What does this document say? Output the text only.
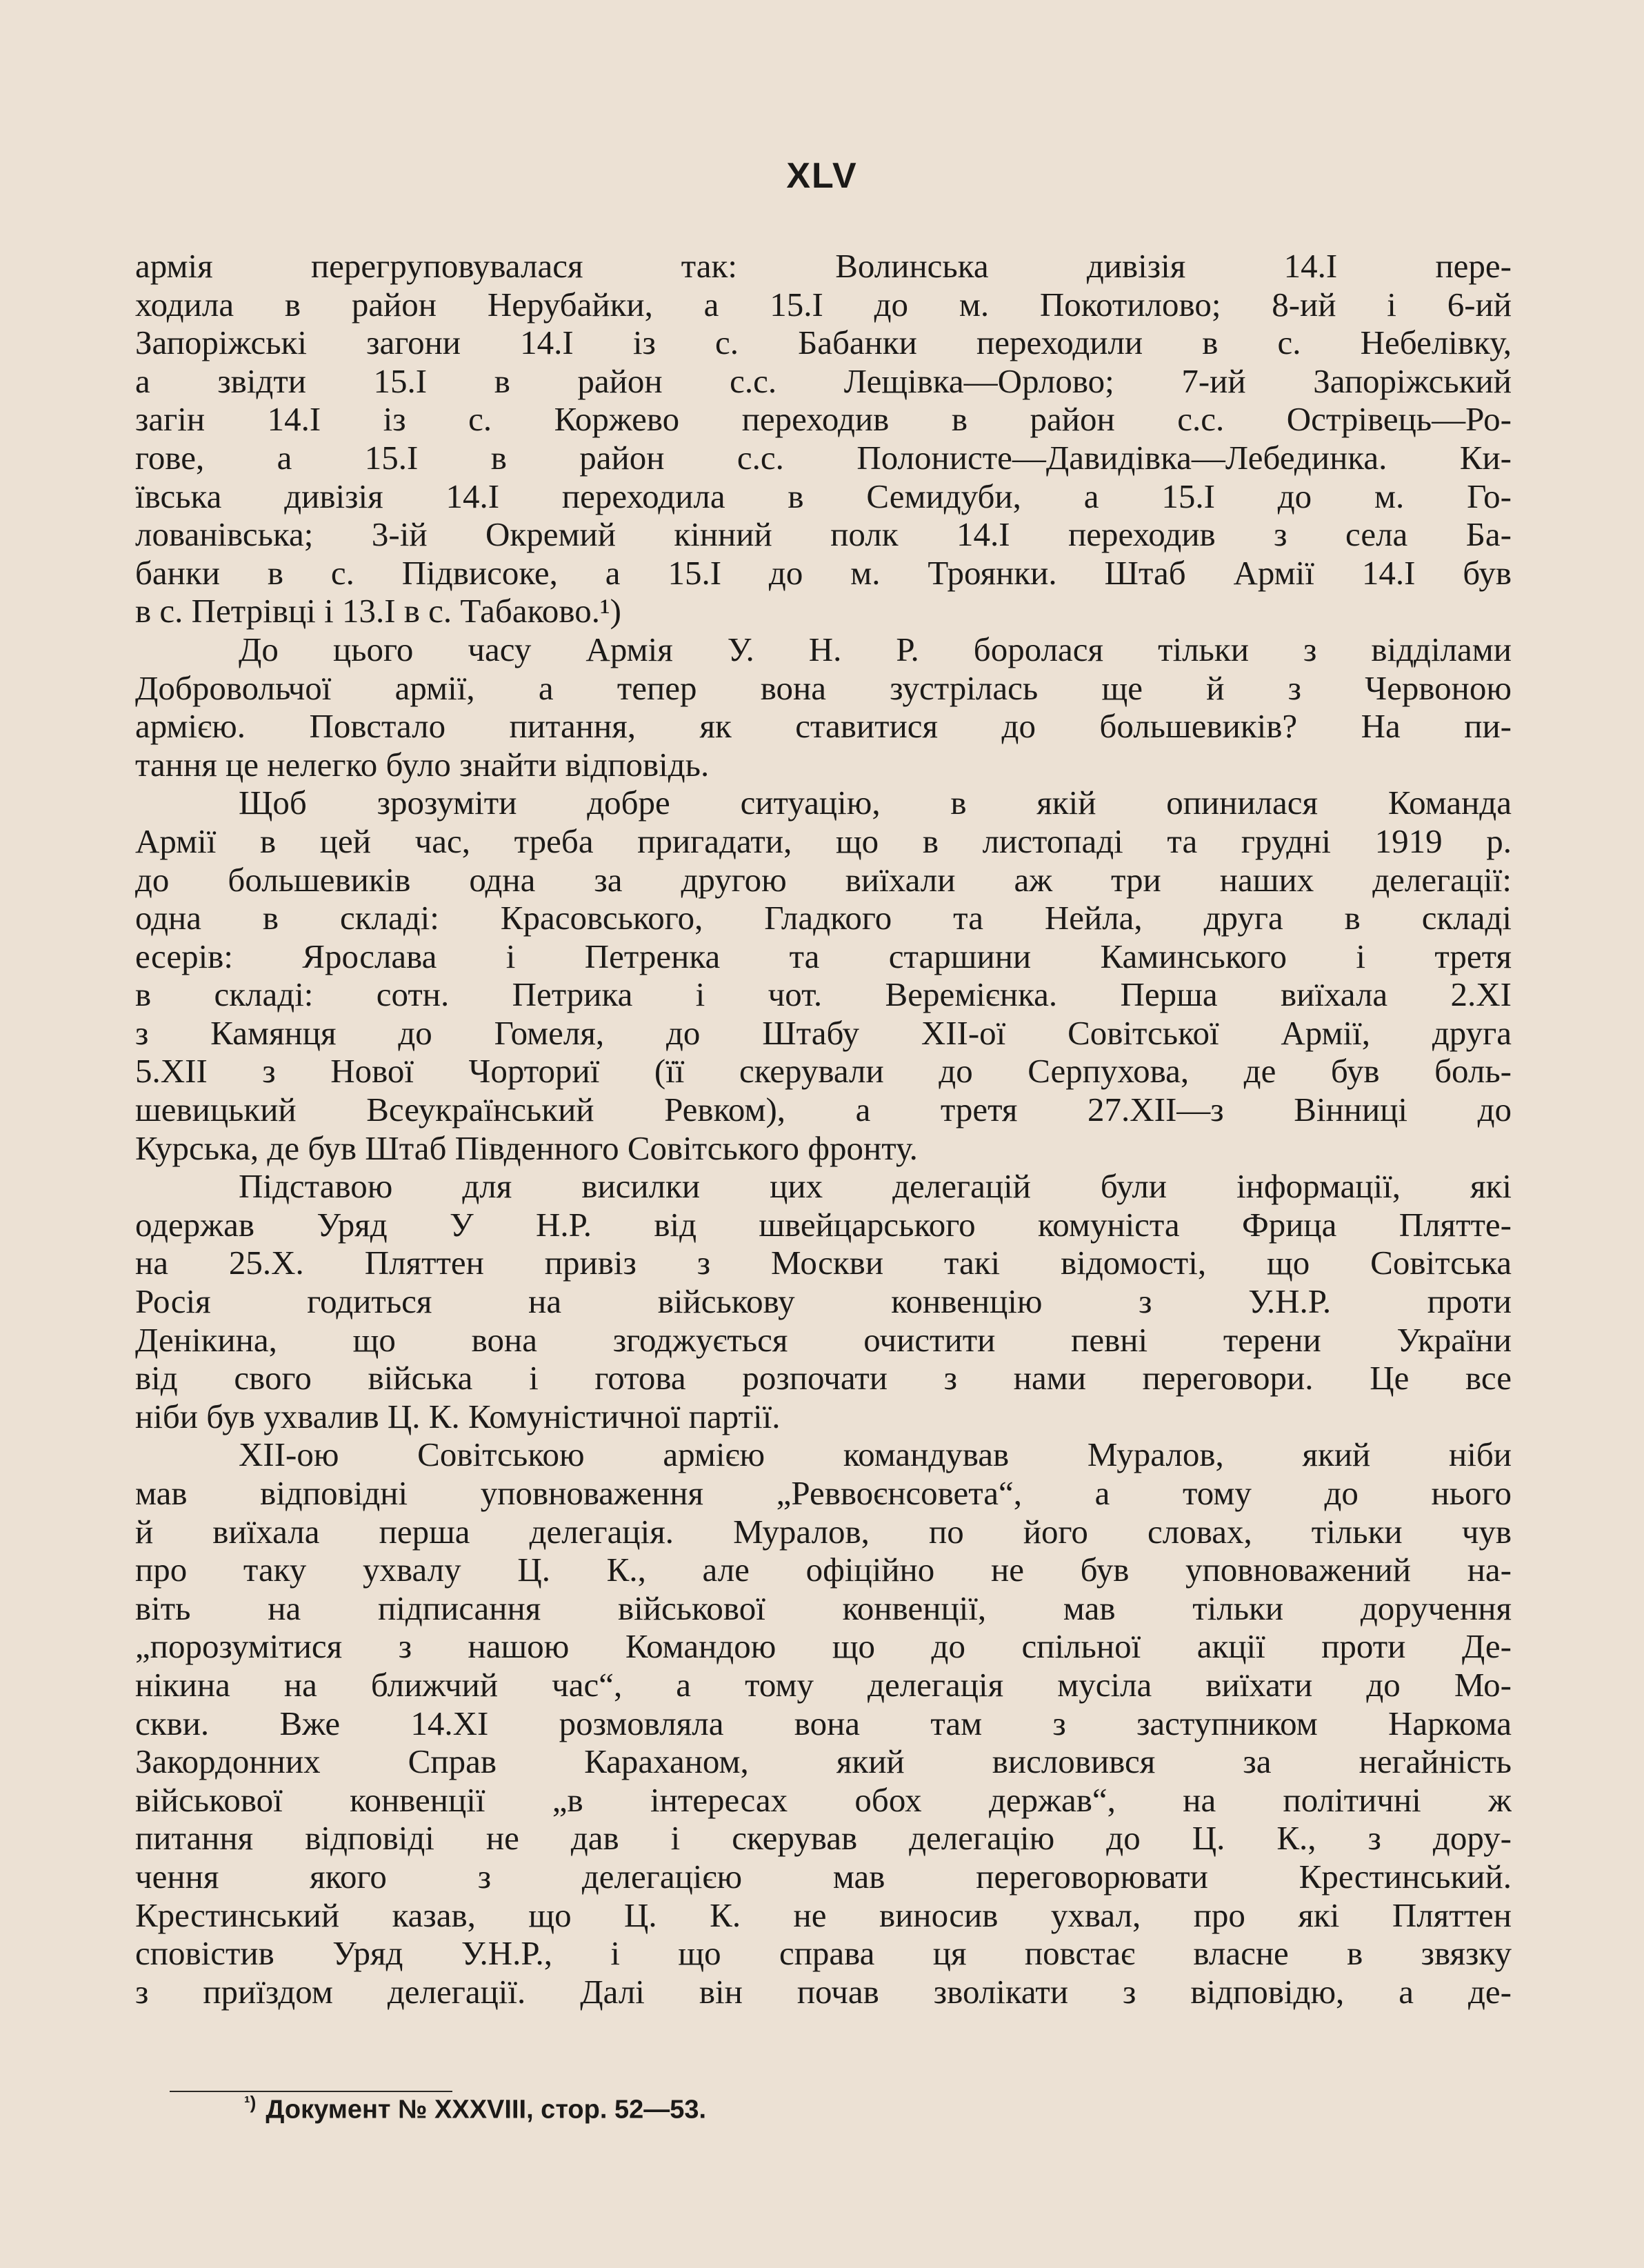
XLV
армія перегруповувалася так: Волинська дивізія 14.I пере-
ходила в район Нерубайки, а 15.I до м. Покотилово; 8-ий і 6-ий
Запоріжські загони 14.I із с. Бабанки переходили в с. Небелівку,
а звідти 15.I в район с.с. Лещівка—Орлово; 7-ий Запоріжський
загін 14.I із с. Коржево переходив в район с.с. Острівець—Ро-
гове, а 15.I в район с.с. Полонисте—Давидівка—Лебединка. Ки-
ївська дивізія 14.I переходила в Семидуби, а 15.I до м. Го-
лованівська; 3-ій Окремий кінний полк 14.I переходив з села Ба-
банки в с. Підвисоке, а 15.I до м. Троянки. Штаб Армії 14.I був
в с. Петрівці і 13.I в с. Табаково.¹)
До цього часу Армія У. Н. Р. боролася тільки з відділами
Добровольчої армії, а тепер вона зустрілась ще й з Червоною
армією. Повстало питання, як ставитися до большевиків? На пи-
тання це нелегко було знайти відповідь.
Щоб зрозуміти добре ситуацію, в якій опинилася Команда
Армії в цей час, треба пригадати, що в листопаді та грудні 1919 р.
до большевиків одна за другою виїхали аж три наших делегації:
одна в складі: Красовського, Гладкого та Нейла, друга в складі
есерів: Ярослава і Петренка та старшини Каминського і третя
в складі: сотн. Петрика і чот. Веремієнка. Перша виїхала 2.XI
з Камянця до Гомеля, до Штабу XII-ої Совітської Армії, друга
5.XII з Нової Чорториї (її скерували до Серпухова, де був боль-
шевицький Всеукраїнський Ревком), а третя 27.XII—з Вінниці до
Курська, де був Штаб Південного Совітського фронту.
Підставою для висилки цих делегацій були інформації, які
одержав Уряд У Н.Р. від швейцарського комуніста Фрица Плятте-
на 25.X. Пляттен привіз з Москви такі відомості, що Совітська
Росія годиться на військову конвенцію з У.Н.Р. проти
Денікина, що вона згоджується очистити певні терени України
від свого війська і готова розпочати з нами переговори. Це все
ніби був ухвалив Ц. К. Комуністичної партії.
XII-ою Совітською армією командував Муралов, який ніби
мав відповідні уповноваження „Реввоєнсовета“, а тому до нього
й виїхала перша делегація. Муралов, по його словах, тільки чув
про таку ухвалу Ц. К., але офіційно не був уповноважений на-
віть на підписання військової конвенції, мав тільки доручення
„порозумітися з нашою Командою що до спільної акції проти Де-
нікина на ближчий час“, а тому делегація мусіла виїхати до Мо-
скви. Вже 14.XI розмовляла вона там з заступником Наркома
Закордонних Справ Караханом, який висловився за негайність
військової конвенції „в інтересах обох держав“, на політичні ж
питання відповіді не дав і скерував делегацію до Ц. К., з дору-
чення якого з делегацією мав переговорювати Крестинський.
Крестинський казав, що Ц. К. не виносив ухвал, про які Пляттен
сповістив Уряд У.Н.Р., і що справа ця повстає власне в звязку
з приїздом делегації. Далі він почав зволікати з відповідю, а де-
$^{^1)}$ Документ № XXXVIII, стор. 52—53.
